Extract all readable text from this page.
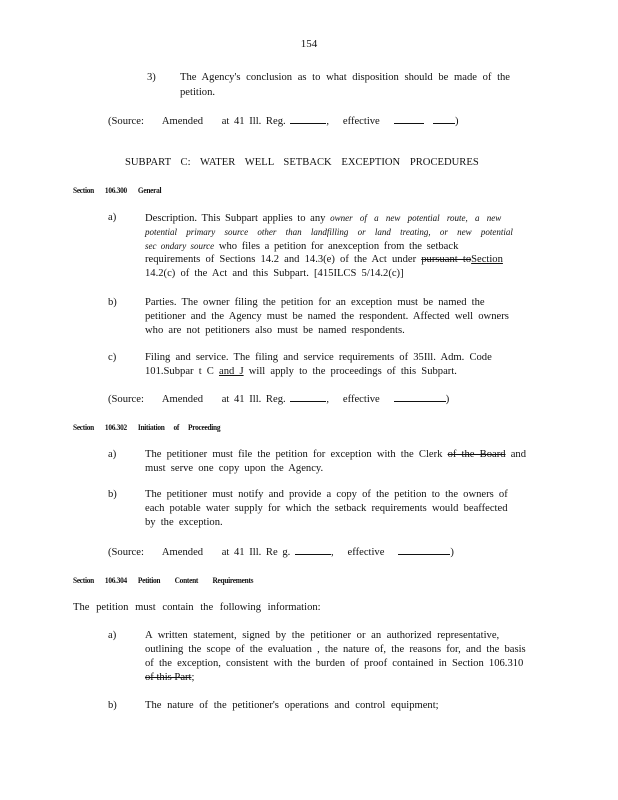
154
3) The Agency's conclusion as to what disposition should be made of the
petition.
(Source: Amended at 41 Ill. Reg.	,   effective	)
SUBPART C: WATER WELL SETBACK EXCEPTION PROCEDURES
Section 106.300 General
a)	Description. This Subpart applies to any owner of a new potential route, a new
potential primary source other than landfilling or land treating, or new potential
sec ondary source who files a petition for anexception from the setback
requirements of Sections 14.2 and 14.3(e) of the Act under pursuant toSection
14.2(c) of the Act and this Subpart. [415ILCS 5/14.2(c)]
b)	Parties. The owner filing the petition for an exception must be named the
petitioner and the Agency must be named the respondent. Affected well owners
who are not petitioners also must be named respondents.
c)	Filing and service. The filing and service requirements of 35Ill. Adm. Code
101.Subpar t C and J will apply to the proceedings of this Subpart.
(Source: Amended at 41 Ill. Reg.	,   effective	)
Section 106.302 Initiation of Proceeding
a)	The petitioner must file the petition for exception with the Clerk of the Board and
must serve one copy upon the Agency.
b)	The petitioner must notify and provide a copy of the petition to the owners of
each potable water supply for which the setback requirements would beaffected
by the exception.
(Source: Amended at 41 Ill. Re g.	,   effective	)
Section 106.304 Petition Content Requirements
The petition must contain the following information:
a)	A written statement, signed by the petitioner or an authorized representative,
outlining the scope of the evaluation , the nature of, the reasons for, and the basis
of the exception, consistent with the burden of proof contained in Section 106.310
of this Part;
b)	The nature of the petitioner's operations and control equipment;
